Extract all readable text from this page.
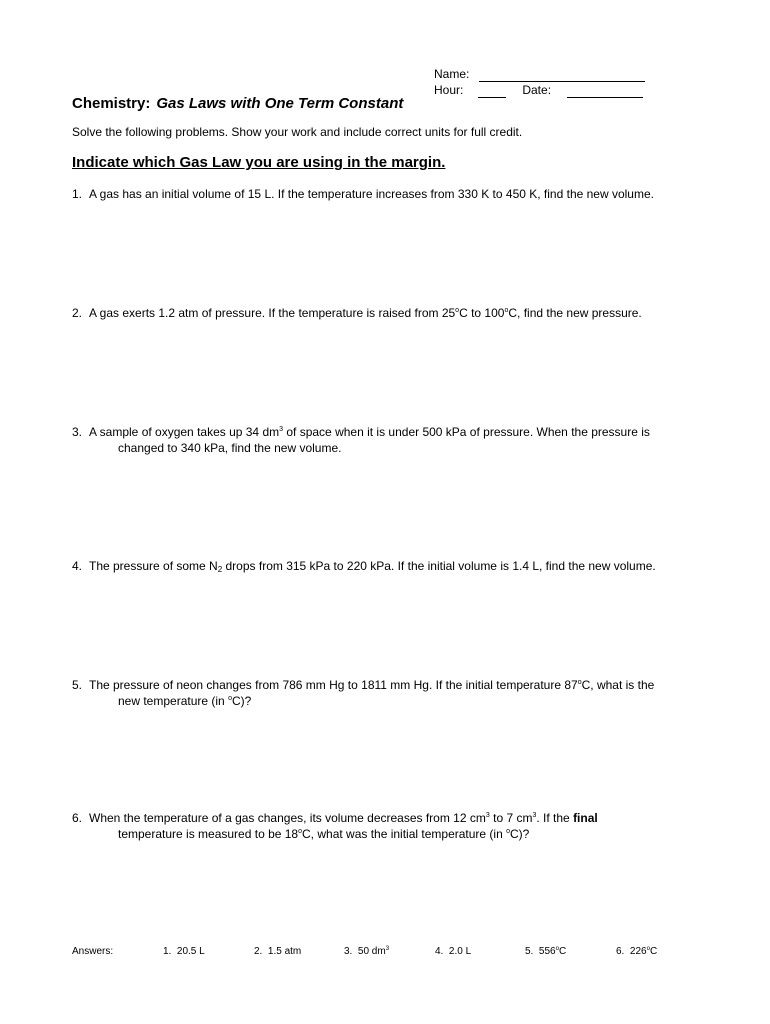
Name:
Hour:	Date:
Chemistry: Gas Laws with One Term Constant
Solve the following problems. Show your work and include correct units for full credit.
Indicate which Gas Law you are using in the margin.
1. A gas has an initial volume of 15 L. If the temperature increases from 330 K to 450 K, find the new volume.
2. A gas exerts 1.2 atm of pressure. If the temperature is raised from 25$^o$C to 100$^o$C, find the new pressure.
3. A sample of oxygen takes up 34 $dm^3$ of space when it is under 500 kPa of pressure. When the pressure is
changed to 340 kPa, find the new volume.
4. The pressure of some $N_2$ drops from 315 kPa to 220 kPa. If the initial volume is 1.4 L, find the new volume.
5. The pressure of neon changes from 786 mm Hg to 1811 mm Hg. If the initial temperature 87$^o$C, what is the
new temperature (in $^o$C)?
6. When the temperature of a gas changes, its volume decreases from 12 $cm^3$ to 7 $cm^3$. If the final
temperature is measured to be 18$^o$C, what was the initial temperature (in $^o$C)?
Answers:	1. 20.5 L	2. 1.5 atm	3. 50 $dm^3$	4. 2.0 L	5. 556$^o$C	6. 226$^o$C
